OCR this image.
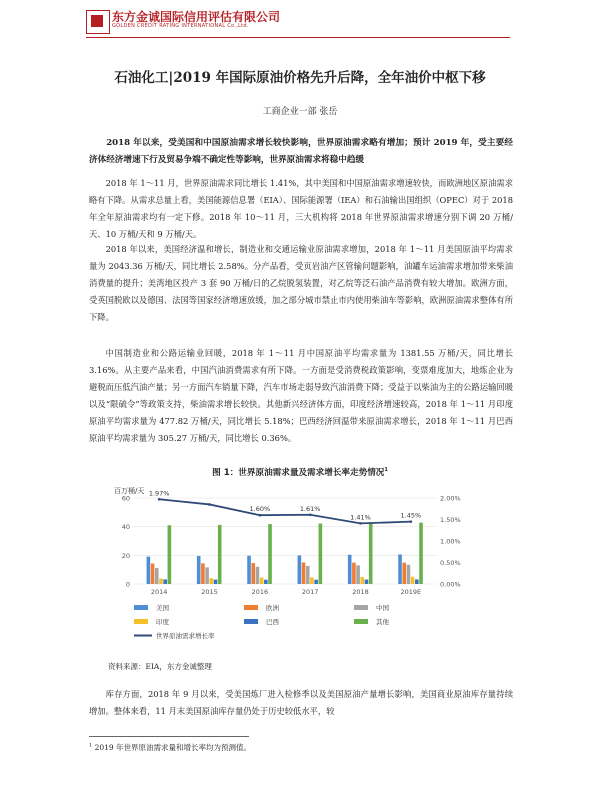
东方金诚国际信用评估有限公司
GOLDEN CREDIT RATING INTERNATIONAL Co.,Ltd.
石油化工|2019 年国际原油价格先升后降，全年油价中枢下移
工商企业一部 张岳
2018 年以来，受美国和中国原油需求增长较快影响，世界原油需求略有增加；预计 2019 年，受主要经济体经济增速下行及贸易争端不确定性等影响，世界原油需求将稳中趋缓
2018 年 1～11 月，世界原油需求同比增长 1.41%，其中美国和中国原油需求增速较快，而欧洲地区原油需求略有下降。从需求总量上看，美国能源信息署（EIA）、国际能源署（IEA）和石油输出国组织（OPEC）对于 2018 年全年原油需求均有一定下修。2018 年 10～11 月，三大机构将 2018 年世界原油需求增速分别下调 20 万桶/天、10 万桶/天和 9 万桶/天。
2018 年以来，美国经济温和增长，制造业和交通运输业原油需求增加，2018 年 1～11 月美国原油平均需求量为 2043.36 万桶/天，同比增长 2.58%。分产品看，受页岩油产区管输问题影响，油罐车运油需求增加带来柴油消费量的提升；美湾地区投产 3 套 90 万桶/日的乙烷脱氢装置，对乙烷等泛石油产品消费有较大增加。欧洲方面，受英国脱欧以及德国、法国等国家经济增速放缓，加之部分城市禁止市内使用柴油车等影响，欧洲原油需求整体有所下降。
中国制造业和公路运输业回暖，2018 年 1～11 月中国原油平均需求量为 1381.55 万桶/天，同比增长 3.16%。从主要产品来看，中国汽油消费需求有所下降。一方面是受消费税政策影响，变票难度加大，地炼企业为避税而压低汽油产量；另一方面汽车销量下降，汽车市场走弱导致汽油消费下降；受益于以柴油为主的公路运输回暖以及“限硫令”等政策支持，柴油需求增长较快。其他新兴经济体方面，印度经济增速较高，2018 年 1～11 月印度原油平均需求量为 477.82 万桶/天，同比增长 5.18%；巴西经济回温带来原油需求增长，2018 年 1～11 月巴西原油平均需求量为 305.27 万桶/天，同比增长 0.36%。
图 1：世界原油需求量及需求增长率走势情况$^1$
百万桶/天
0
20
40
60
0.00%
0.50%
1.00%
1.50%
2.00%
2014	2015	2016	2017	2018	2019E
1.97%
1.60%	1.61%
1.41%	1.45%
美国	欧洲	中国
印度	巴西	其他
世界原油需求增长率
资料来源：EIA，东方金诚整理
库存方面，2018 年 9 月以来，受美国炼厂进入检修季以及美国原油产量增长影响，美国商业原油库存量持续增加。整体来看，11 月末美国原油库存量仍处于历史较低水平，较
$^1$ 2019 年世界原油需求量和增长率均为预测值。
